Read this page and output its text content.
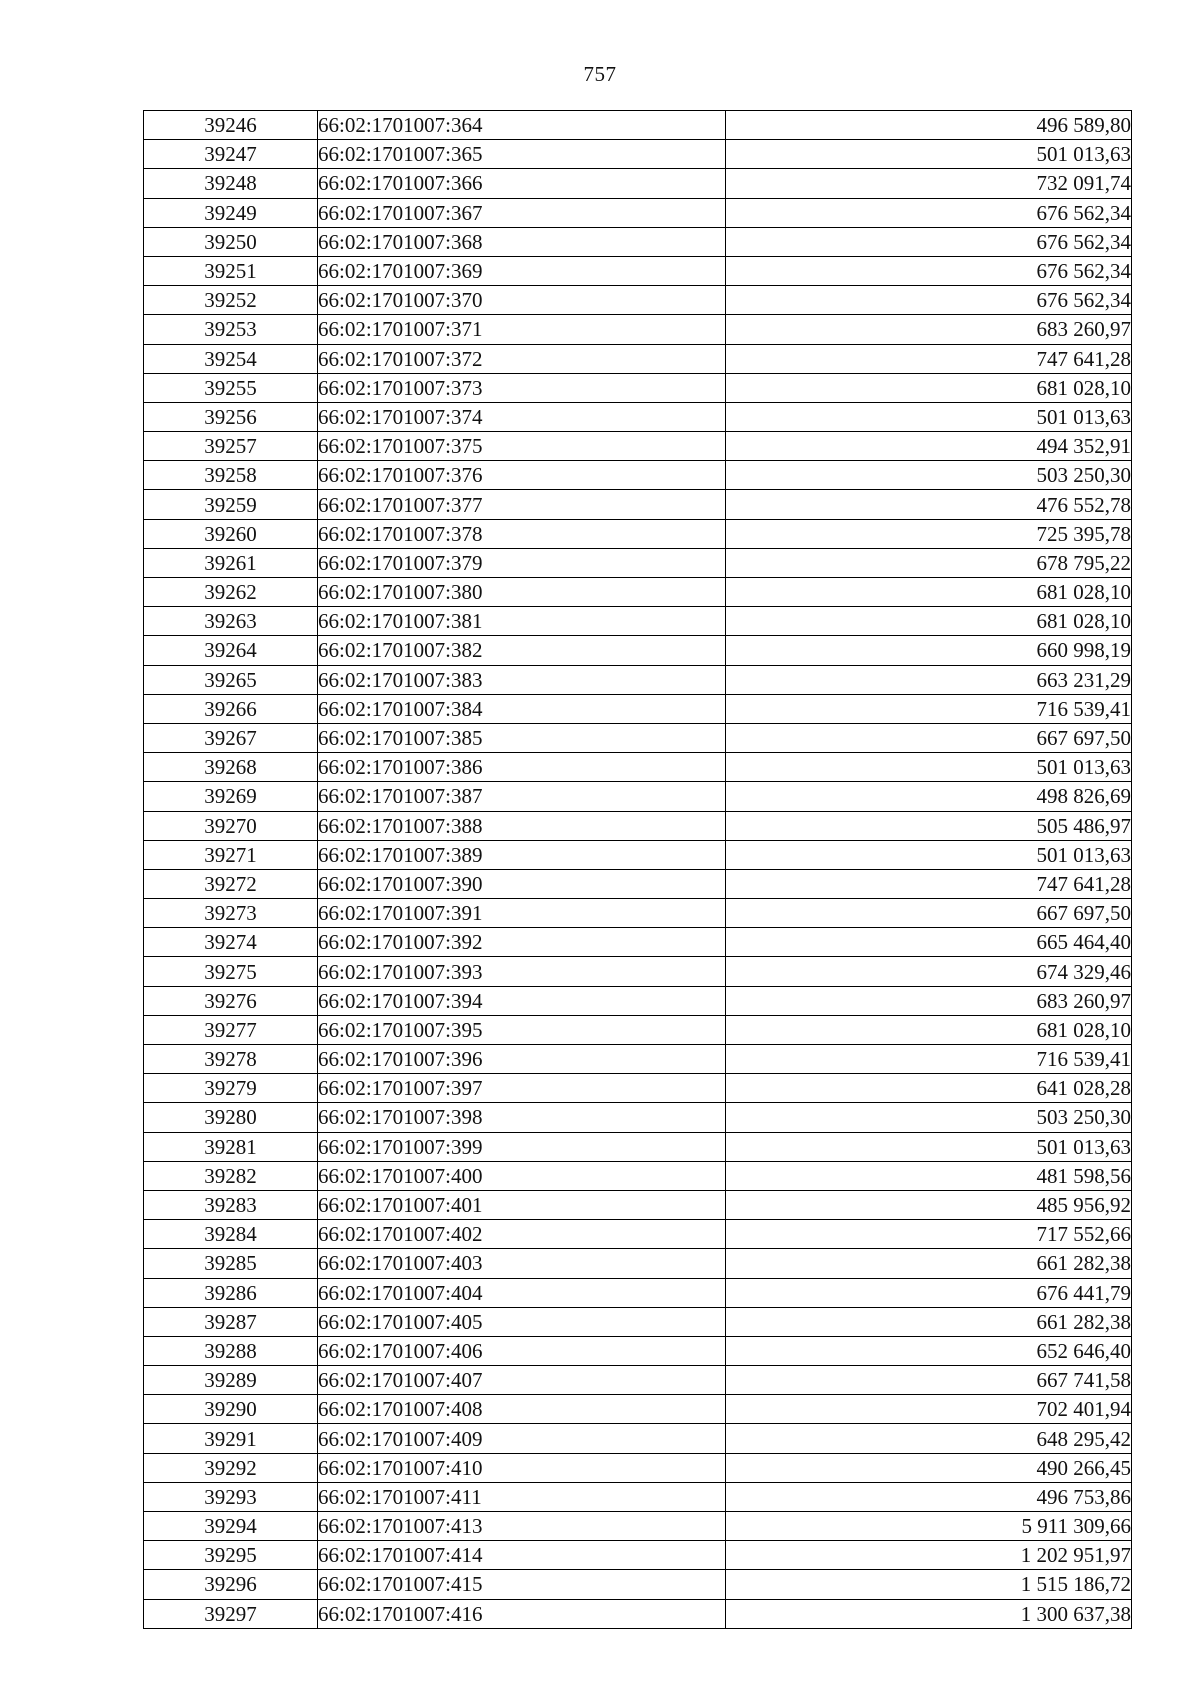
757
39246	66:02:1701007:364	496 589,80
39247	66:02:1701007:365	501 013,63
39248	66:02:1701007:366	732 091,74
39249	66:02:1701007:367	676 562,34
39250	66:02:1701007:368	676 562,34
39251	66:02:1701007:369	676 562,34
39252	66:02:1701007:370	676 562,34
39253	66:02:1701007:371	683 260,97
39254	66:02:1701007:372	747 641,28
39255	66:02:1701007:373	681 028,10
39256	66:02:1701007:374	501 013,63
39257	66:02:1701007:375	494 352,91
39258	66:02:1701007:376	503 250,30
39259	66:02:1701007:377	476 552,78
39260	66:02:1701007:378	725 395,78
39261	66:02:1701007:379	678 795,22
39262	66:02:1701007:380	681 028,10
39263	66:02:1701007:381	681 028,10
39264	66:02:1701007:382	660 998,19
39265	66:02:1701007:383	663 231,29
39266	66:02:1701007:384	716 539,41
39267	66:02:1701007:385	667 697,50
39268	66:02:1701007:386	501 013,63
39269	66:02:1701007:387	498 826,69
39270	66:02:1701007:388	505 486,97
39271	66:02:1701007:389	501 013,63
39272	66:02:1701007:390	747 641,28
39273	66:02:1701007:391	667 697,50
39274	66:02:1701007:392	665 464,40
39275	66:02:1701007:393	674 329,46
39276	66:02:1701007:394	683 260,97
39277	66:02:1701007:395	681 028,10
39278	66:02:1701007:396	716 539,41
39279	66:02:1701007:397	641 028,28
39280	66:02:1701007:398	503 250,30
39281	66:02:1701007:399	501 013,63
39282	66:02:1701007:400	481 598,56
39283	66:02:1701007:401	485 956,92
39284	66:02:1701007:402	717 552,66
39285	66:02:1701007:403	661 282,38
39286	66:02:1701007:404	676 441,79
39287	66:02:1701007:405	661 282,38
39288	66:02:1701007:406	652 646,40
39289	66:02:1701007:407	667 741,58
39290	66:02:1701007:408	702 401,94
39291	66:02:1701007:409	648 295,42
39292	66:02:1701007:410	490 266,45
39293	66:02:1701007:411	496 753,86
39294	66:02:1701007:413	5 911 309,66
39295	66:02:1701007:414	1 202 951,97
39296	66:02:1701007:415	1 515 186,72
39297	66:02:1701007:416	1 300 637,38
